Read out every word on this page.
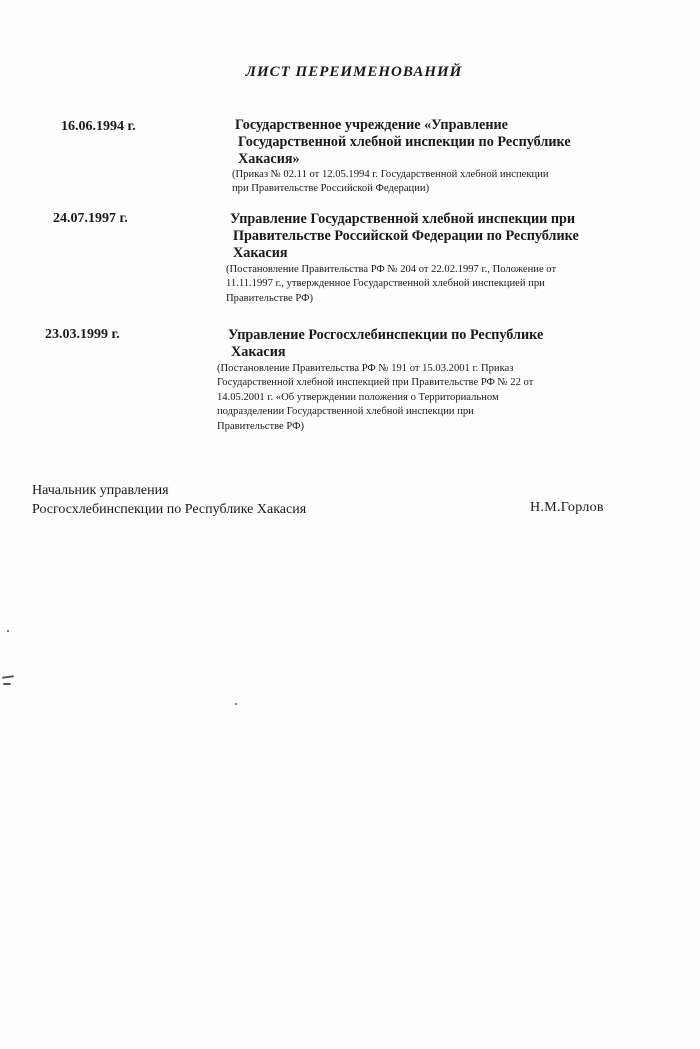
ЛИСТ ПЕРЕИМЕНОВАНИЙ
16.06.1994 г.	Государственное учреждение «Управление
Государственной хлебной инспекции по Республике
Хакасия»
(Приказ № 02.11 от 12.05.1994 г. Государственной хлебной инспекции
при Правительстве Российской Федерации)
24.07.1997 г.	Управление Государственной хлебной инспекции при
Правительстве Российской Федерации по Республике
Хакасия
(Постановление Правительства РФ № 204 от 22.02.1997 г., Положение от
11.11.1997 г., утвержденное Государственной хлебной инспекцией при
Правительстве РФ)
23.03.1999 г.	Управление Росгосхлебинспекции по Республике
Хакасия
(Постановление Правительства РФ № 191 от 15.03.2001 г. Приказ
Государственной хлебной инспекцией при Правительстве РФ № 22 от
14.05.2001 г. «Об утверждении положения о Территориальном
подразделении Государственной хлебной инспекции при
Правительстве РФ)
Начальник управления
Росгосхлебинспекции по Республике Хакасия	Н.М.Горлов
